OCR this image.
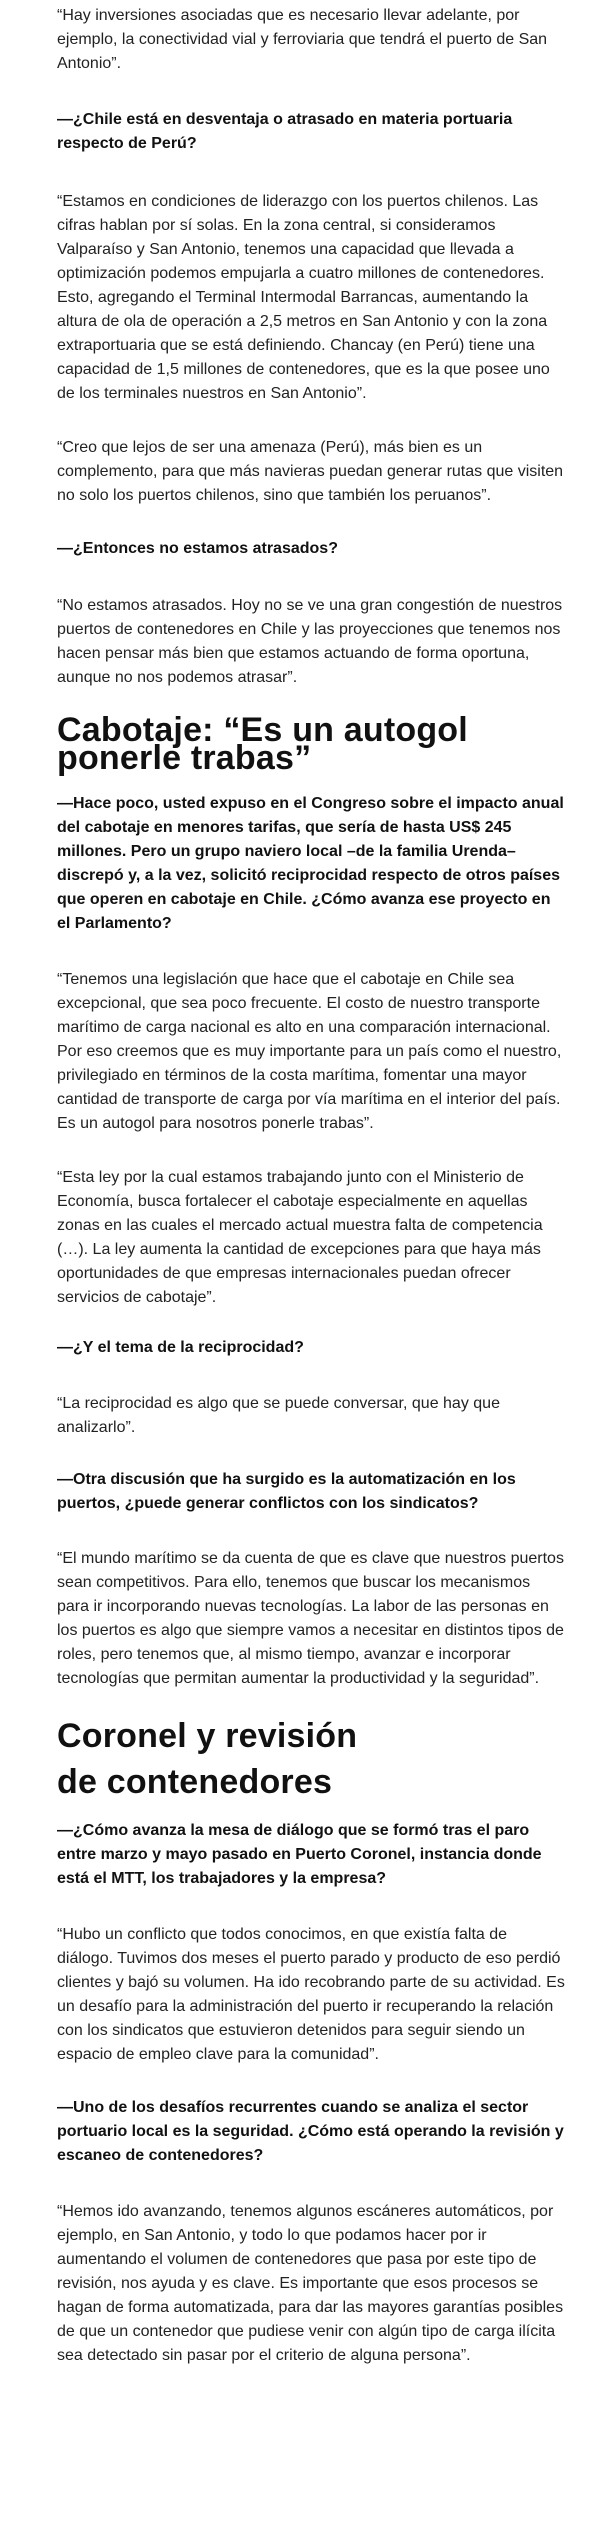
“Hay inversiones asociadas que es necesario llevar adelante, por ejemplo, la conectividad vial y ferroviaria que tendrá el puerto de San Antonio”.

—¿Chile está en desventaja o atrasado en materia portuaria respecto de Perú?

“Estamos en condiciones de liderazgo con los puertos chilenos. Las cifras hablan por sí solas. En la zona central, si consideramos Valparaíso y San Antonio, tenemos una capacidad que llevada a optimización podemos empujarla a cuatro millones de contenedores. Esto, agregando el Terminal Intermodal Barrancas, aumentando la altura de ola de operación a 2,5 metros en San Antonio y con la zona extraportuaria que se está definiendo. Chancay (en Perú) tiene una capacidad de 1,5 millones de contenedores, que es la que posee uno de los terminales nuestros en San Antonio”.

“Creo que lejos de ser una amenaza (Perú), más bien es un complemento, para que más navieras puedan generar rutas que visiten no solo los puertos chilenos, sino que también los peruanos”.

—¿Entonces no estamos atrasados?

“No estamos atrasados. Hoy no se ve una gran congestión de nuestros puertos de contenedores en Chile y las proyecciones que tenemos nos hacen pensar más bien que estamos actuando de forma oportuna, aunque no nos podemos atrasar”.

Cabotaje: “Es un autogol ponerle trabas”

—Hace poco, usted expuso en el Congreso sobre el impacto anual del cabotaje en menores tarifas, que sería de hasta US$ 245 millones. Pero un grupo naviero local –de la familia Urenda– discrepó y, a la vez, solicitó reciprocidad respecto de otros países que operen en cabotaje en Chile. ¿Cómo avanza ese proyecto en el Parlamento?

“Tenemos una legislación que hace que el cabotaje en Chile sea excepcional, que sea poco frecuente. El costo de nuestro transporte marítimo de carga nacional es alto en una comparación internacional. Por eso creemos que es muy importante para un país como el nuestro, privilegiado en términos de la costa marítima, fomentar una mayor cantidad de transporte de carga por vía marítima en el interior del país. Es un autogol para nosotros ponerle trabas”.

“Esta ley por la cual estamos trabajando junto con el Ministerio de Economía, busca fortalecer el cabotaje especialmente en aquellas zonas en las cuales el mercado actual muestra falta de competencia (…). La ley aumenta la cantidad de excepciones para que haya más oportunidades de que empresas internacionales puedan ofrecer servicios de cabotaje”.

—¿Y el tema de la reciprocidad?

“La reciprocidad es algo que se puede conversar, que hay que analizarlo”.

—Otra discusión que ha surgido es la automatización en los puertos, ¿puede generar conflictos con los sindicatos?

“El mundo marítimo se da cuenta de que es clave que nuestros puertos sean competitivos. Para ello, tenemos que buscar los mecanismos para ir incorporando nuevas tecnologías. La labor de las personas en los puertos es algo que siempre vamos a necesitar en distintos tipos de roles, pero tenemos que, al mismo tiempo, avanzar e incorporar tecnologías que permitan aumentar la productividad y la seguridad”.

Coronel y revisión de contenedores

—¿Cómo avanza la mesa de diálogo que se formó tras el paro entre marzo y mayo pasado en Puerto Coronel, instancia donde está el MTT, los trabajadores y la empresa?

“Hubo un conflicto que todos conocimos, en que existía falta de diálogo. Tuvimos dos meses el puerto parado y producto de eso perdió clientes y bajó su volumen. Ha ido recobrando parte de su actividad. Es un desafío para la administración del puerto ir recuperando la relación con los sindicatos que estuvieron detenidos para seguir siendo un espacio de empleo clave para la comunidad”.

—Uno de los desafíos recurrentes cuando se analiza el sector portuario local es la seguridad. ¿Cómo está operando la revisión y escaneo de contenedores?

“Hemos ido avanzando, tenemos algunos escáneres automáticos, por ejemplo, en San Antonio, y todo lo que podamos hacer por ir aumentando el volumen de contenedores que pasa por este tipo de revisión, nos ayuda y es clave. Es importante que esos procesos se hagan de forma automatizada, para dar las mayores garantías posibles de que un contenedor que pudiese venir con algún tipo de carga ilícita sea detectado sin pasar por el criterio de alguna persona”.
